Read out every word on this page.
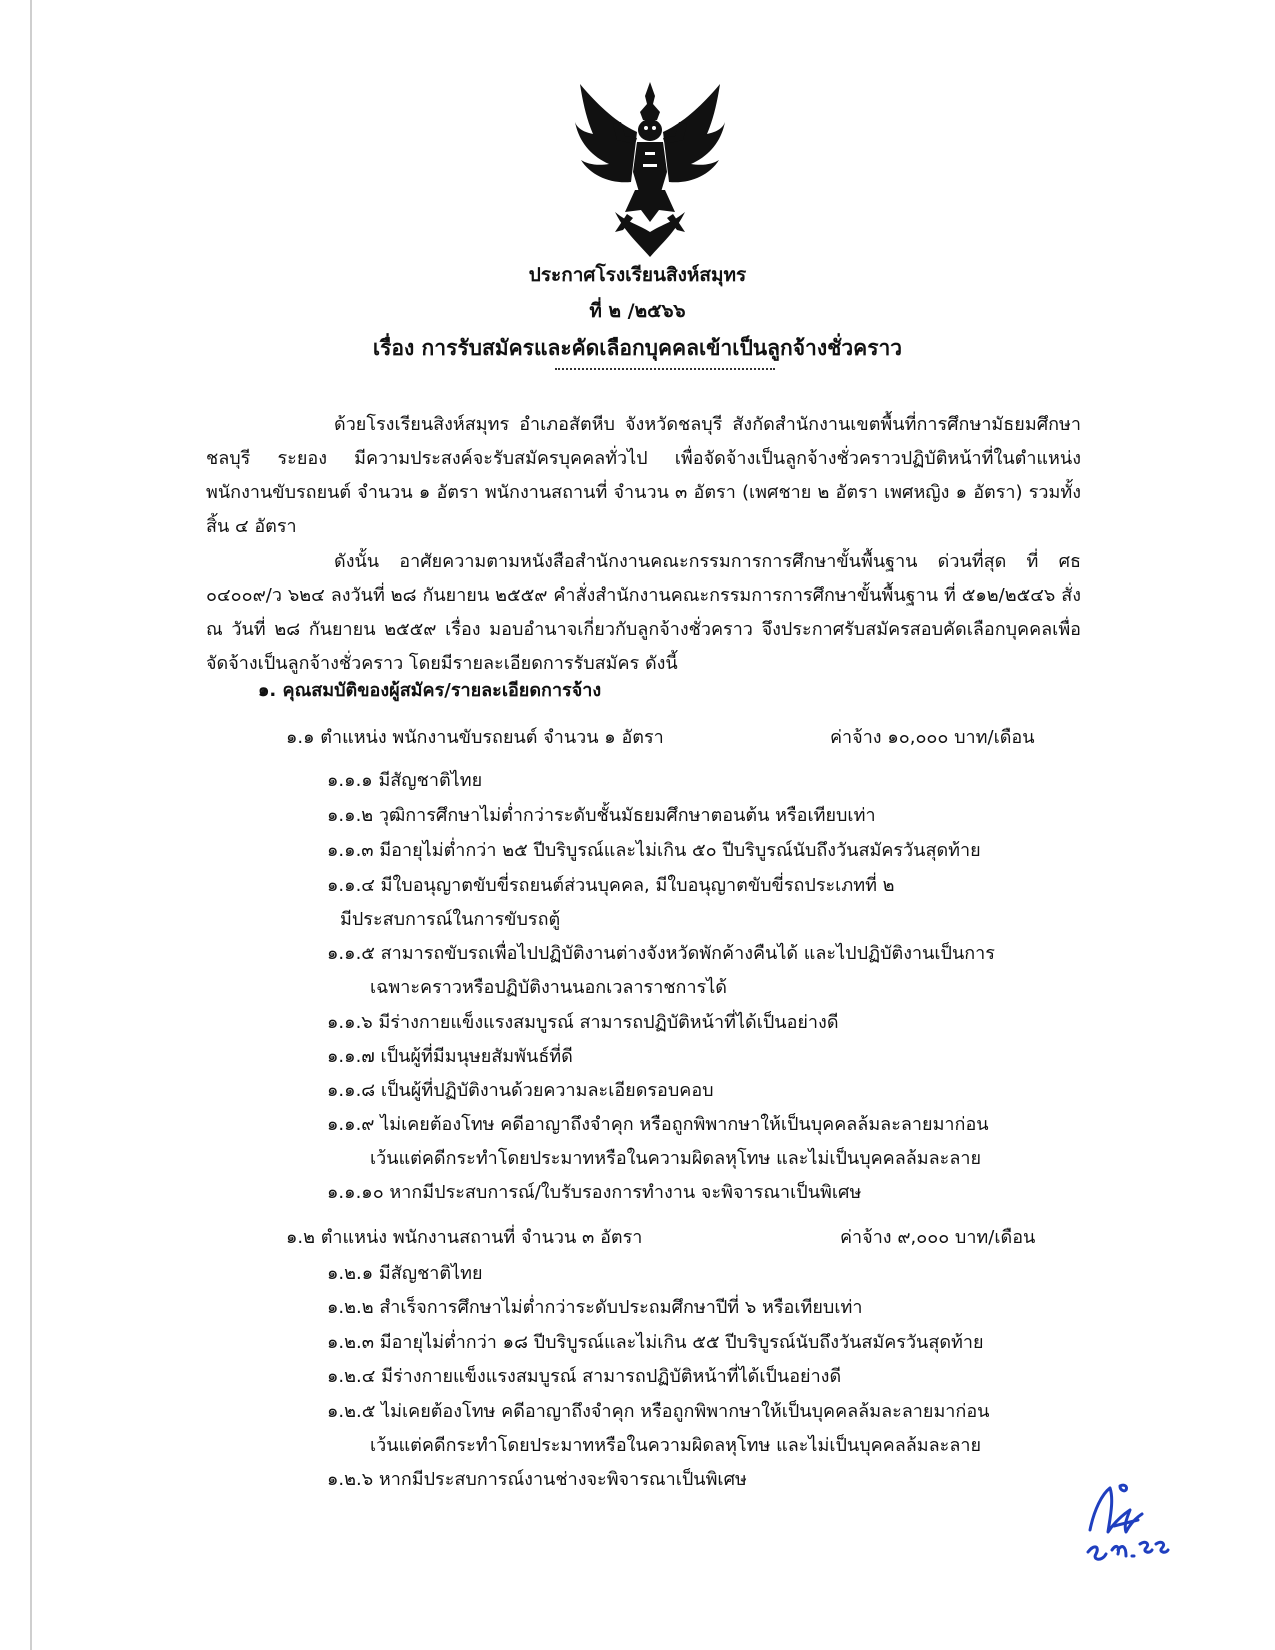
ประกาศโรงเรียนสิงห์สมุทร
ที่ ๒ /๒๕๖๖
เรื่อง การรับสมัครและคัดเลือกบุคคลเข้าเป็นลูกจ้างชั่วคราว
ด้วยโรงเรียนสิงห์สมุทร อำเภอสัตหีบ จังหวัดชลบุรี สังกัดสำนักงานเขตพื้นที่การศึกษามัธยมศึกษาชลบุรี ระยอง มีความประสงค์จะรับสมัครบุคคลทั่วไป เพื่อจัดจ้างเป็นลูกจ้างชั่วคราวปฏิบัติหน้าที่ในตำแหน่ง พนักงานขับรถยนต์ จำนวน ๑ อัตรา พนักงานสถานที่ จำนวน ๓ อัตรา (เพศชาย ๒ อัตรา เพศหญิง ๑ อัตรา) รวมทั้งสิ้น ๔ อัตรา
ดังนั้น อาศัยความตามหนังสือสำนักงานคณะกรรมการการศึกษาขั้นพื้นฐาน ด่วนที่สุด ที่ ศธ ๐๔๐๐๙/ว ๖๒๔ ลงวันที่ ๒๘ กันยายน ๒๕๕๙ คำสั่งสำนักงานคณะกรรมการการศึกษาขั้นพื้นฐาน ที่ ๕๑๒/๒๕๔๖ สั่ง ณ วันที่ ๒๘ กันยายน ๒๕๕๙ เรื่อง มอบอำนาจเกี่ยวกับลูกจ้างชั่วคราว จึงประกาศรับสมัครสอบคัดเลือกบุคคลเพื่อจัดจ้างเป็นลูกจ้างชั่วคราว โดยมีรายละเอียดการรับสมัคร ดังนี้
๑. คุณสมบัติของผู้สมัคร/รายละเอียดการจ้าง
๑.๑ ตำแหน่ง พนักงานขับรถยนต์ จำนวน ๑ อัตรา	ค่าจ้าง ๑๐,๐๐๐ บาท/เดือน
๑.๑.๑ มีสัญชาติไทย
๑.๑.๒ วุฒิการศึกษาไม่ต่ำกว่าระดับชั้นมัธยมศึกษาตอนต้น หรือเทียบเท่า
๑.๑.๓ มีอายุไม่ต่ำกว่า ๒๕ ปีบริบูรณ์และไม่เกิน ๕๐ ปีบริบูรณ์นับถึงวันสมัครวันสุดท้าย
๑.๑.๔ มีใบอนุญาตขับขี่รถยนต์ส่วนบุคคล, มีใบอนุญาตขับขี่รถประเภทที่ ๒
มีประสบการณ์ในการขับรถตู้
๑.๑.๕ สามารถขับรถเพื่อไปปฏิบัติงานต่างจังหวัดพักค้างคืนได้ และไปปฏิบัติงานเป็นการ
เฉพาะคราวหรือปฏิบัติงานนอกเวลาราชการได้
๑.๑.๖ มีร่างกายแข็งแรงสมบูรณ์ สามารถปฏิบัติหน้าที่ได้เป็นอย่างดี
๑.๑.๗ เป็นผู้ที่มีมนุษยสัมพันธ์ที่ดี
๑.๑.๘ เป็นผู้ที่ปฏิบัติงานด้วยความละเอียดรอบคอบ
๑.๑.๙ ไม่เคยต้องโทษ คดีอาญาถึงจำคุก หรือถูกพิพากษาให้เป็นบุคคลล้มละลายมาก่อน
เว้นแต่คดีกระทำโดยประมาทหรือในความผิดลหุโทษ และไม่เป็นบุคคลล้มละลาย
๑.๑.๑๐ หากมีประสบการณ์/ใบรับรองการทำงาน จะพิจารณาเป็นพิเศษ
๑.๒ ตำแหน่ง พนักงานสถานที่ จำนวน ๓ อัตรา	ค่าจ้าง ๙,๐๐๐ บาท/เดือน
๑.๒.๑ มีสัญชาติไทย
๑.๒.๒ สำเร็จการศึกษาไม่ต่ำกว่าระดับประถมศึกษาปีที่ ๖ หรือเทียบเท่า
๑.๒.๓ มีอายุไม่ต่ำกว่า ๑๘ ปีบริบูรณ์และไม่เกิน ๕๕ ปีบริบูรณ์นับถึงวันสมัครวันสุดท้าย
๑.๒.๔ มีร่างกายแข็งแรงสมบูรณ์ สามารถปฏิบัติหน้าที่ได้เป็นอย่างดี
๑.๒.๕ ไม่เคยต้องโทษ คดีอาญาถึงจำคุก หรือถูกพิพากษาให้เป็นบุคคลล้มละลายมาก่อน
เว้นแต่คดีกระทำโดยประมาทหรือในความผิดลหุโทษ และไม่เป็นบุคคลล้มละลาย
๑.๒.๖ หากมีประสบการณ์งานช่างจะพิจารณาเป็นพิเศษ
